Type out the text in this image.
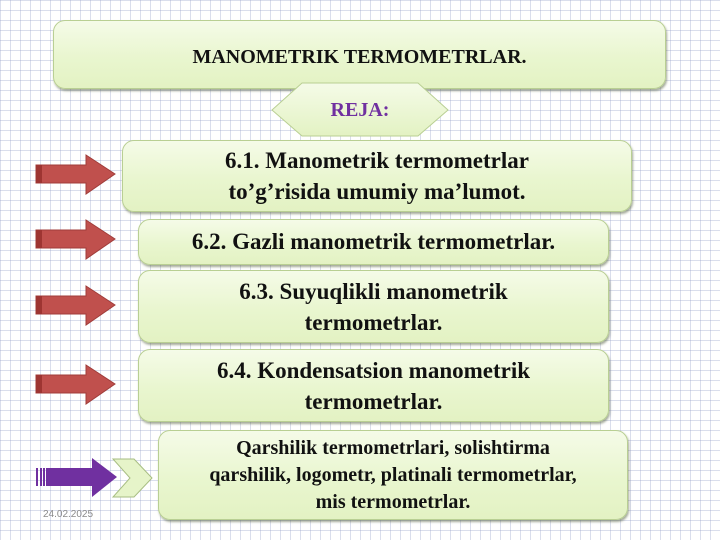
MANOMETRIK TERMOMETRLAR.
REJA:
6.1. Manometrik termometrlar
to’g’risida umumiy ma’lumot.
6.2. Gazli manometrik termometrlar.
6.3. Suyuqlikli manometrik
termometrlar.
6.4. Kondensatsion manometrik
termometrlar.
Qarshilik termometrlari, solishtirma
qarshilik, logometr, platinali termometrlar,
mis termometrlar.
24.02.2025
